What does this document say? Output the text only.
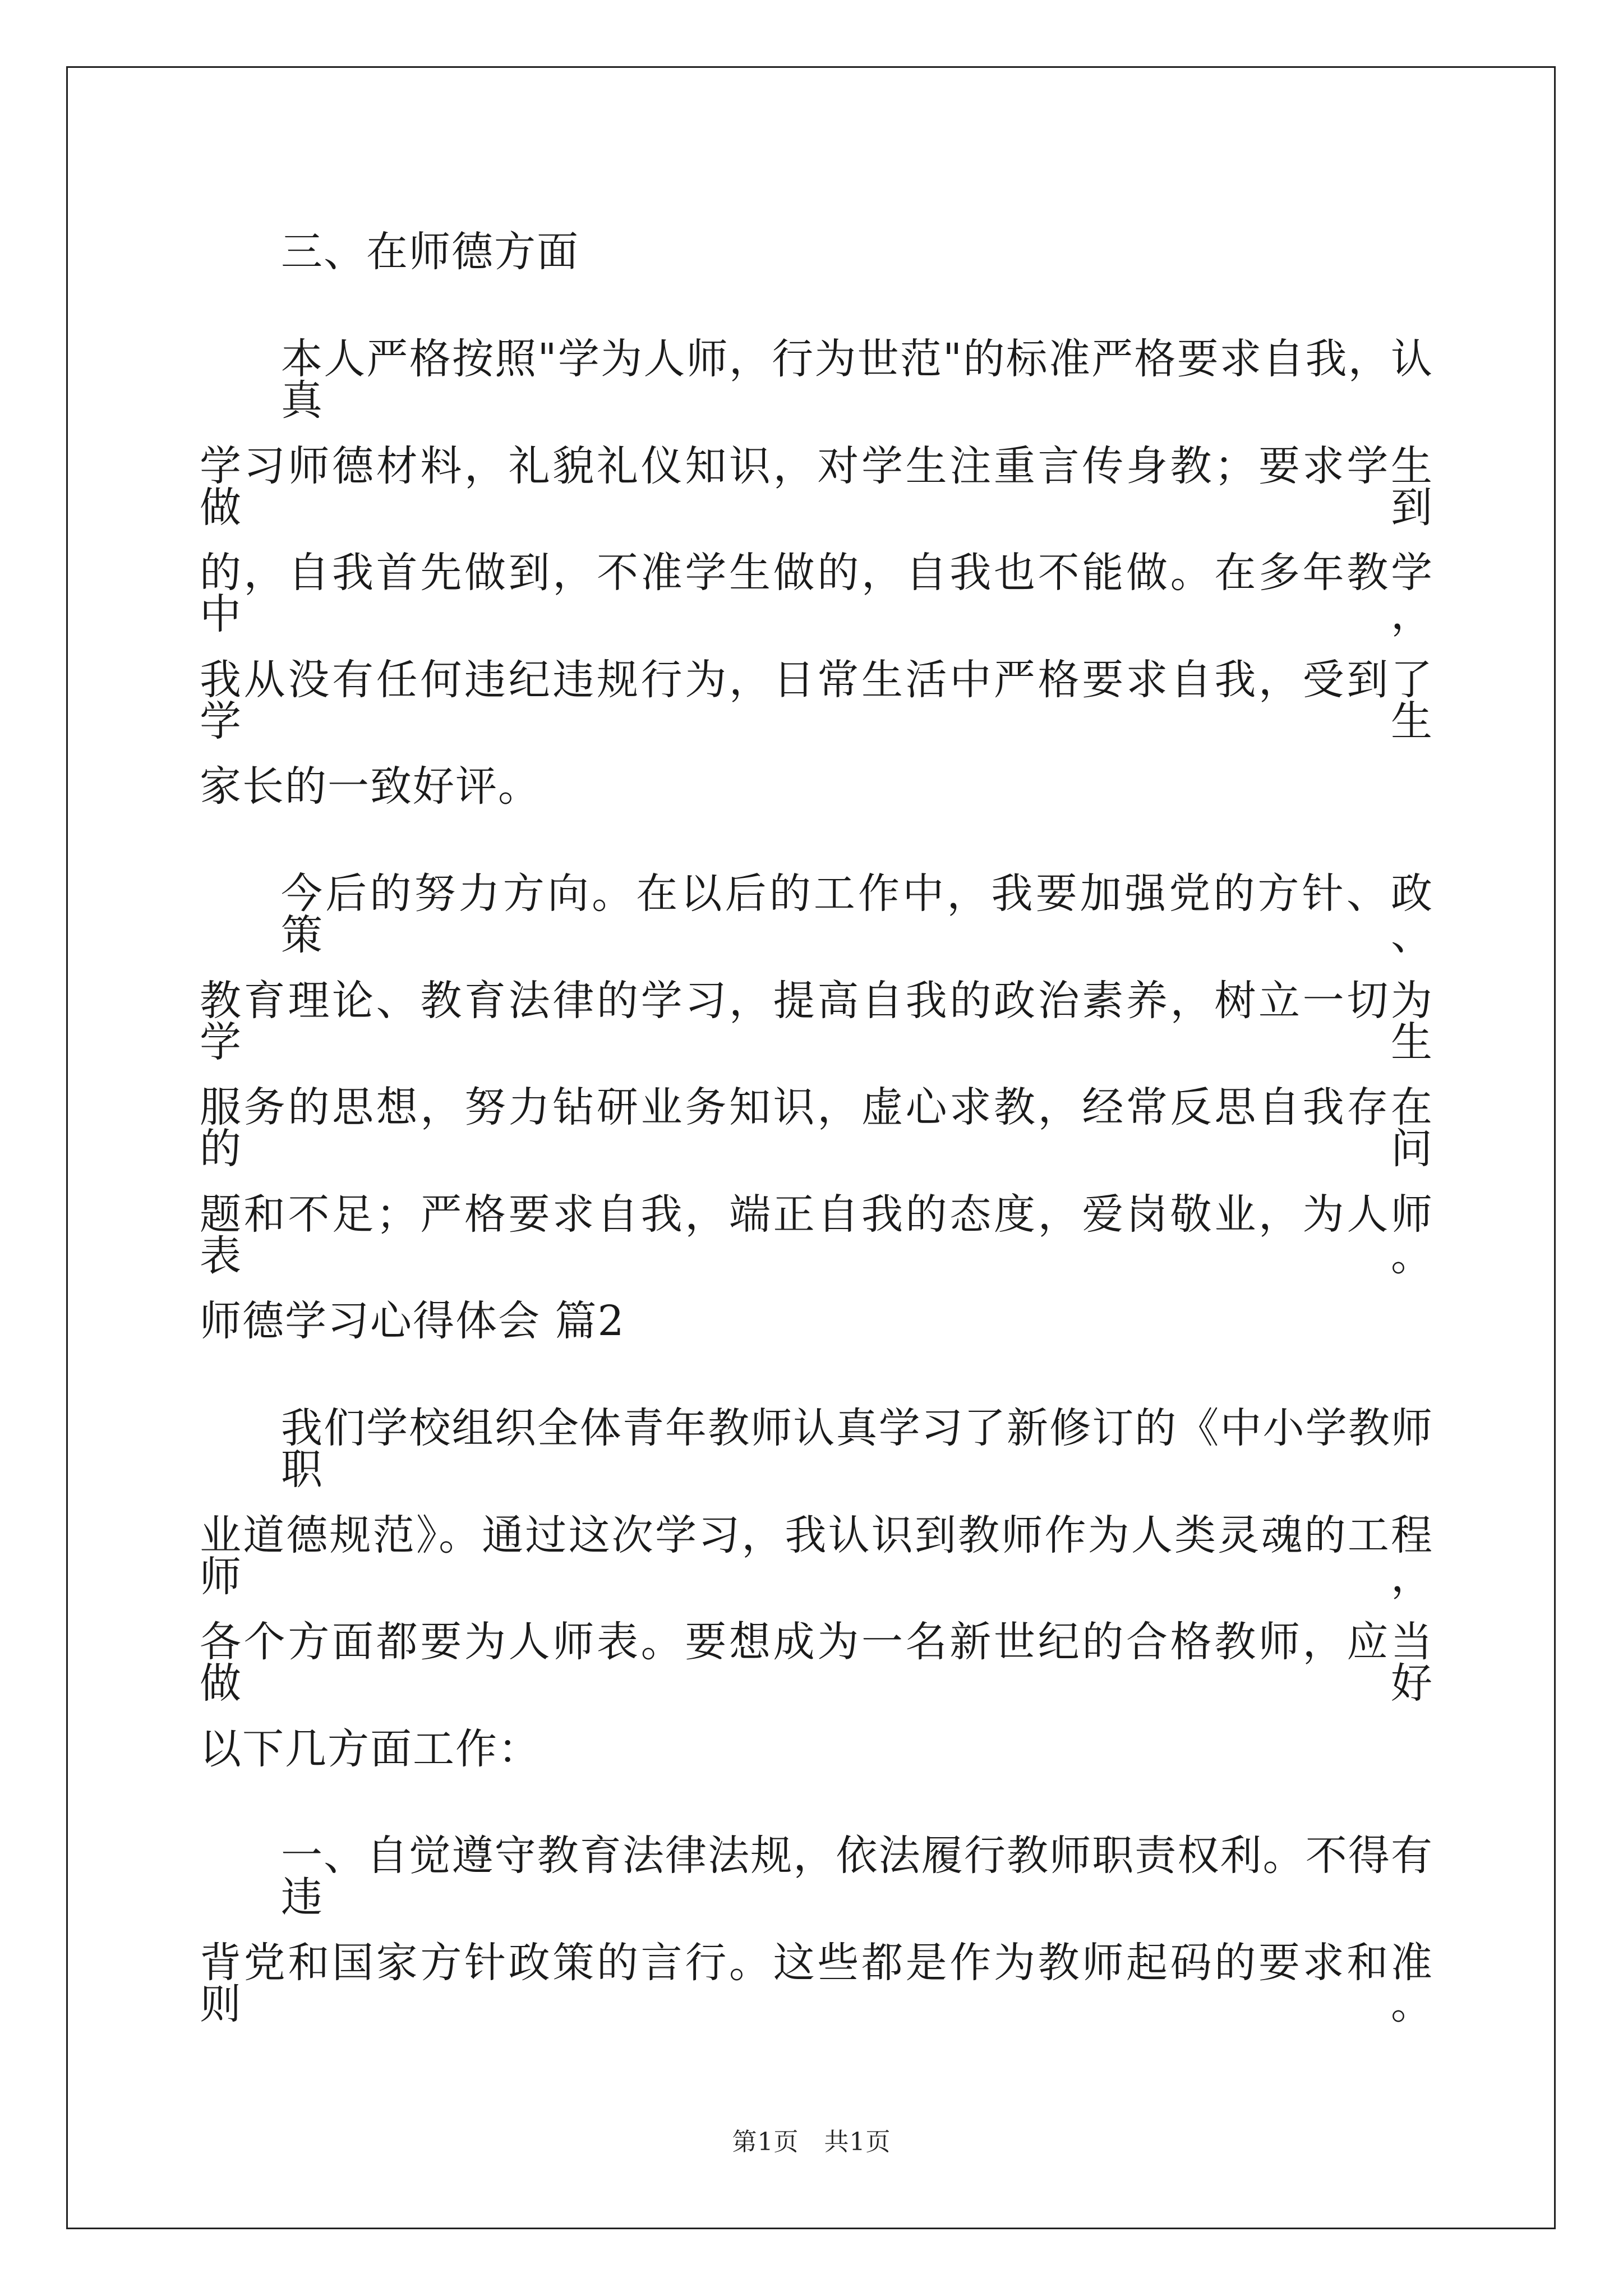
三、在师德方面
本人严格按照"学为人师，行为世范"的标准严格要求自我，认真
学习师德材料，礼貌礼仪知识，对学生注重言传身教；要求学生做到
的，自我首先做到，不准学生做的，自我也不能做。在多年教学中，
我从没有任何违纪违规行为，日常生活中严格要求自我，受到了学生
家长的一致好评。
今后的努力方向。在以后的工作中，我要加强党的方针、政策、
教育理论、教育法律的学习，提高自我的政治素养，树立一切为学生
服务的思想，努力钻研业务知识，虚心求教，经常反思自我存在的问
题和不足；严格要求自我，端正自我的态度，爱岗敬业，为人师表。
师德学习心得体会 篇2
我们学校组织全体青年教师认真学习了新修订的《中小学教师职
业道德规范》。通过这次学习，我认识到教师作为人类灵魂的工程师，
各个方面都要为人师表。要想成为一名新世纪的合格教师，应当做好
以下几方面工作：
一、自觉遵守教育法律法规，依法履行教师职责权利。不得有违
背党和国家方针政策的言行。这些都是作为教师起码的要求和准则。
第1页　共1页
